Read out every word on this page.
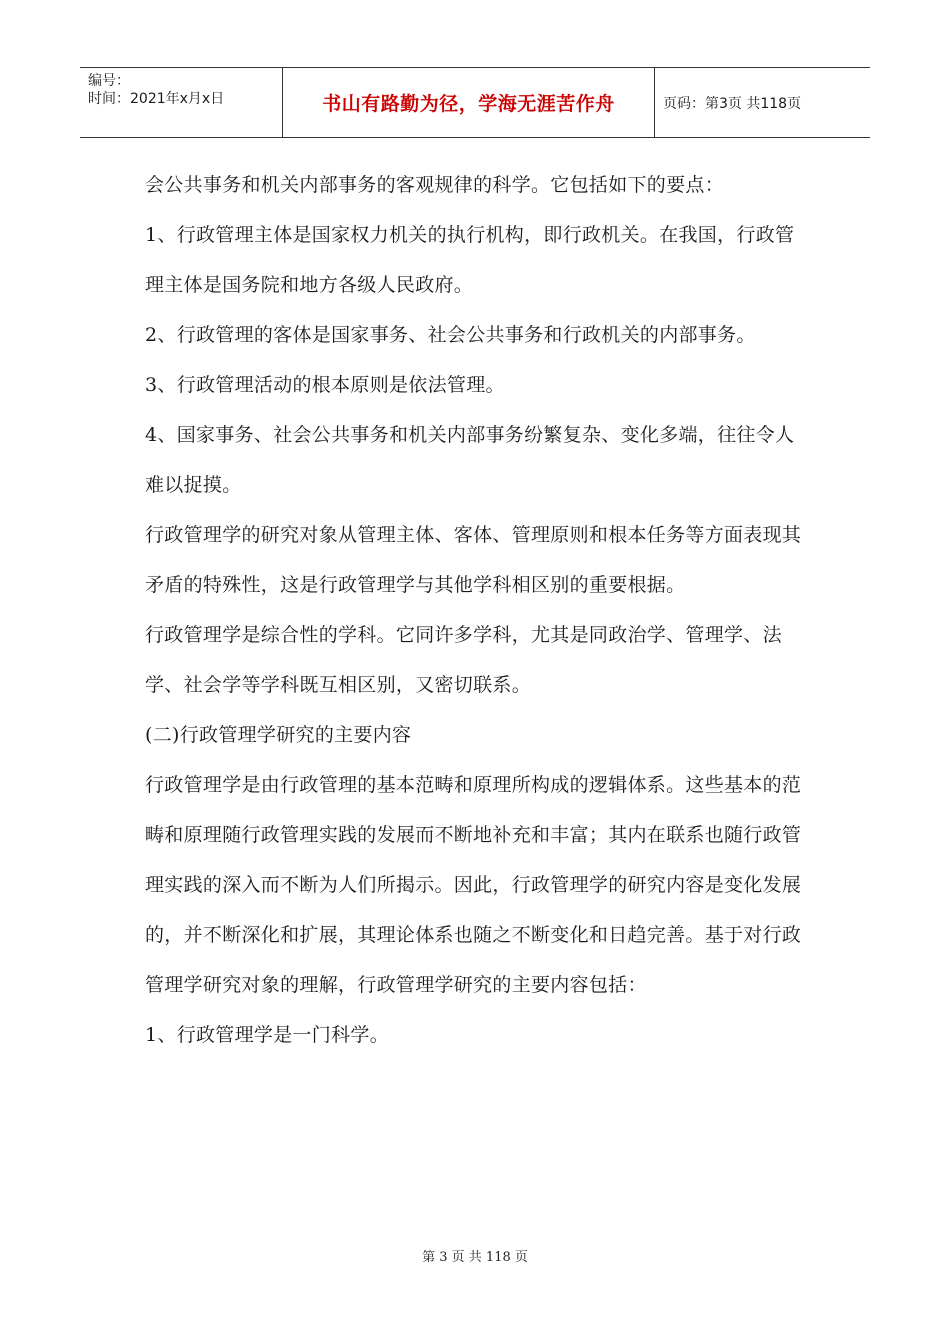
编号：
时间：2021年x月x日	书山有路勤为径，学海无涯苦作舟	页码：第3页 共118页

会公共事务和机关内部事务的客观规律的科学。它包括如下的要点：

1、行政管理主体是国家权力机关的执行机构，即行政机关。在我国，行政管理主体是国务院和地方各级人民政府。

2、行政管理的客体是国家事务、社会公共事务和行政机关的内部事务。

3、行政管理活动的根本原则是依法管理。

4、国家事务、社会公共事务和机关内部事务纷繁复杂、变化多端，往往令人难以捉摸。

行政管理学的研究对象从管理主体、客体、管理原则和根本任务等方面表现其矛盾的特殊性，这是行政管理学与其他学科相区别的重要根据。

行政管理学是综合性的学科。它同许多学科，尤其是同政治学、管理学、法学、社会学等学科既互相区别，又密切联系。

(二)行政管理学研究的主要内容

行政管理学是由行政管理的基本范畴和原理所构成的逻辑体系。这些基本的范畴和原理随行政管理实践的发展而不断地补充和丰富；其内在联系也随行政管理实践的深入而不断为人们所揭示。因此，行政管理学的研究内容是变化发展的，并不断深化和扩展，其理论体系也随之不断变化和日趋完善。基于对行政管理学研究对象的理解，行政管理学研究的主要内容包括：

1、行政管理学是一门科学。

第 3 页 共 118 页
